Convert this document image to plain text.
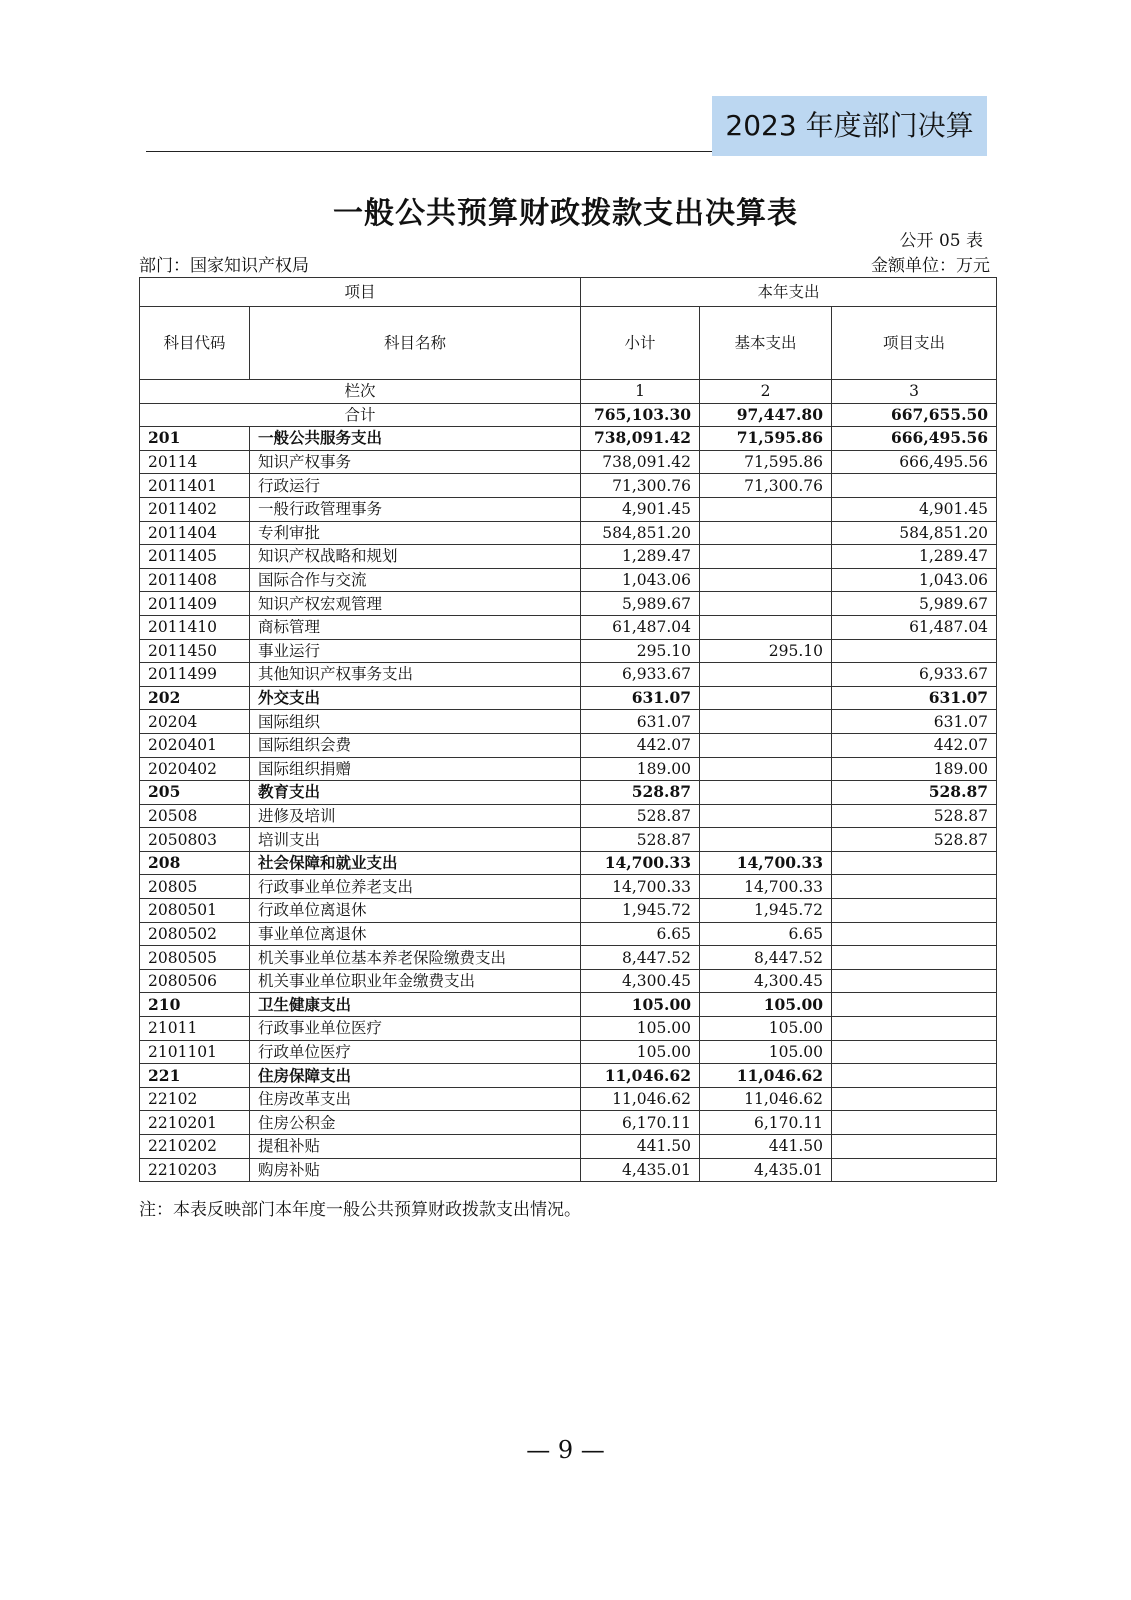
2023 年度部门决算
一般公共预算财政拨款支出决算表
公开 05 表
部门：国家知识产权局	金额单位：万元
项目		本年支出		
科目代码	科目名称	小计	基本支出	项目支出
栏次		1	2	3
合计		765,103.30	97,447.80	667,655.50
201	一般公共服务支出	738,091.42	71,595.86	666,495.56
20114	知识产权事务	738,091.42	71,595.86	666,495.56
2011401	行政运行	71,300.76	71,300.76	
2011402	一般行政管理事务	4,901.45		4,901.45
2011404	专利审批	584,851.20		584,851.20
2011405	知识产权战略和规划	1,289.47		1,289.47
2011408	国际合作与交流	1,043.06		1,043.06
2011409	知识产权宏观管理	5,989.67		5,989.67
2011410	商标管理	61,487.04		61,487.04
2011450	事业运行	295.10	295.10	
2011499	其他知识产权事务支出	6,933.67		6,933.67
202	外交支出	631.07		631.07
20204	国际组织	631.07		631.07
2020401	国际组织会费	442.07		442.07
2020402	国际组织捐赠	189.00		189.00
205	教育支出	528.87		528.87
20508	进修及培训	528.87		528.87
2050803	培训支出	528.87		528.87
208	社会保障和就业支出	14,700.33	14,700.33	
20805	行政事业单位养老支出	14,700.33	14,700.33	
2080501	行政单位离退休	1,945.72	1,945.72	
2080502	事业单位离退休	6.65	6.65	
2080505	机关事业单位基本养老保险缴费支出	8,447.52	8,447.52	
2080506	机关事业单位职业年金缴费支出	4,300.45	4,300.45	
210	卫生健康支出	105.00	105.00	
21011	行政事业单位医疗	105.00	105.00	
2101101	行政单位医疗	105.00	105.00	
221	住房保障支出	11,046.62	11,046.62	
22102	住房改革支出	11,046.62	11,046.62	
2210201	住房公积金	6,170.11	6,170.11	
2210202	提租补贴	441.50	441.50	
2210203	购房补贴	4,435.01	4,435.01	
注：本表反映部门本年度一般公共预算财政拨款支出情况。
— 9 —
